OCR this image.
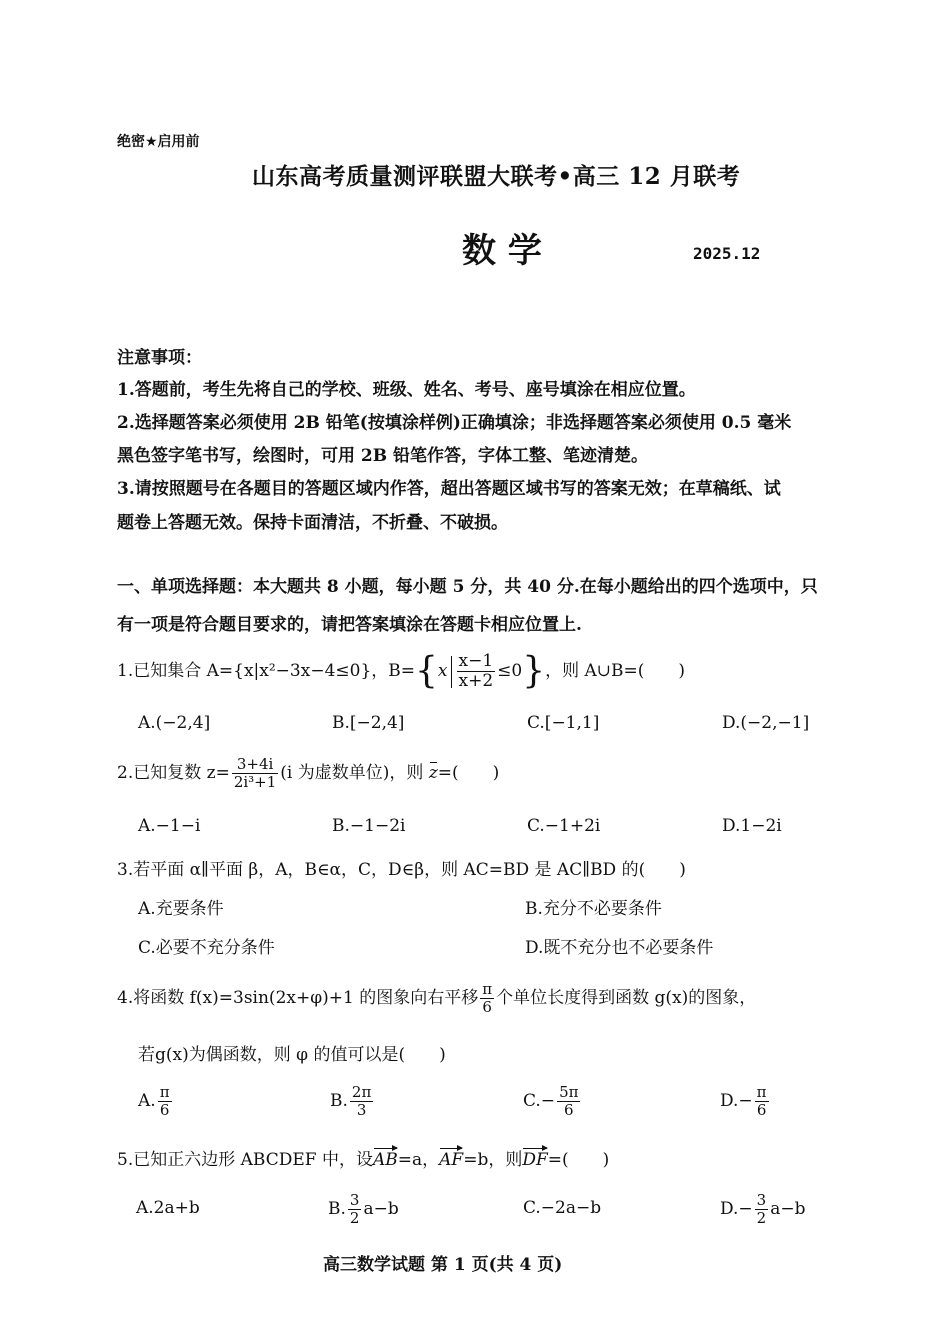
绝密★启用前
山东高考质量测评联盟大联考•高三 12 月联考
数 学	2025.12
注意事项：
1.答题前，考生先将自己的学校、班级、姓名、考号、座号填涂在相应位置。
2.选择题答案必须使用 2B 铅笔(按填涂样例)正确填涂；非选择题答案必须使用 0.5 毫米
黑色签字笔书写，绘图时，可用 2B 铅笔作答，字体工整、笔迹清楚。
3.请按照题号在各题目的答题区域内作答，超出答题区域书写的答案无效；在草稿纸、试
题卷上答题无效。保持卡面清洁，不折叠、不破损。
一、单项选择题：本大题共 8 小题，每小题 5 分，共 40 分.在每小题给出的四个选项中，只
有一项是符合题目要求的，请把答案填涂在答题卡相应位置上.
1.已知集合 A={x|x²−3x−4≤0}，$B=\{x \frac{x-1}{x+2} \le 0\}$，则 A∪B=(　　)
A.(−2,4]	B.[−2,4]	C.[−1,1]	D.(−2,−1]
2.已知复数 $z= \frac{3+4i}{\text{2i³+1}} (i$ 为虚数单位)，则 z=(　　)
A.−1−i	B.−1−2i	C.−1+2i	D.1−2i
3.若平面 α∥平面 β，A，B∈α，C，D∈β，则 AC=BD 是 AC∥BD 的(　　)
A.充要条件	B.充分不必要条件
C.必要不充分条件	D.既不充分也不必要条件
4.将函数 f(x)=3sin(2x+φ)+1 的图象向右平移 $\frac{\pi}{6}$ 个单位长度得到函数 g(x)的图象，
若g(x)为偶函数，则 φ 的值可以是(　　)
A. $\frac{\pi}{6}$	B. $\frac{2\pi}{3}$	$C.- \frac{5\pi}{6}$	$D.- \frac{\pi}{6}$
5.已知正六边形 ABCDEF 中，设AB=a，AF=b，则DF=(　　)
A.2a+b	B. $\frac{3}{2} a-b$	C.−2a−b	$D.- \frac{3}{2} a-b$
高三数学试题 第 1 页(共 4 页)
